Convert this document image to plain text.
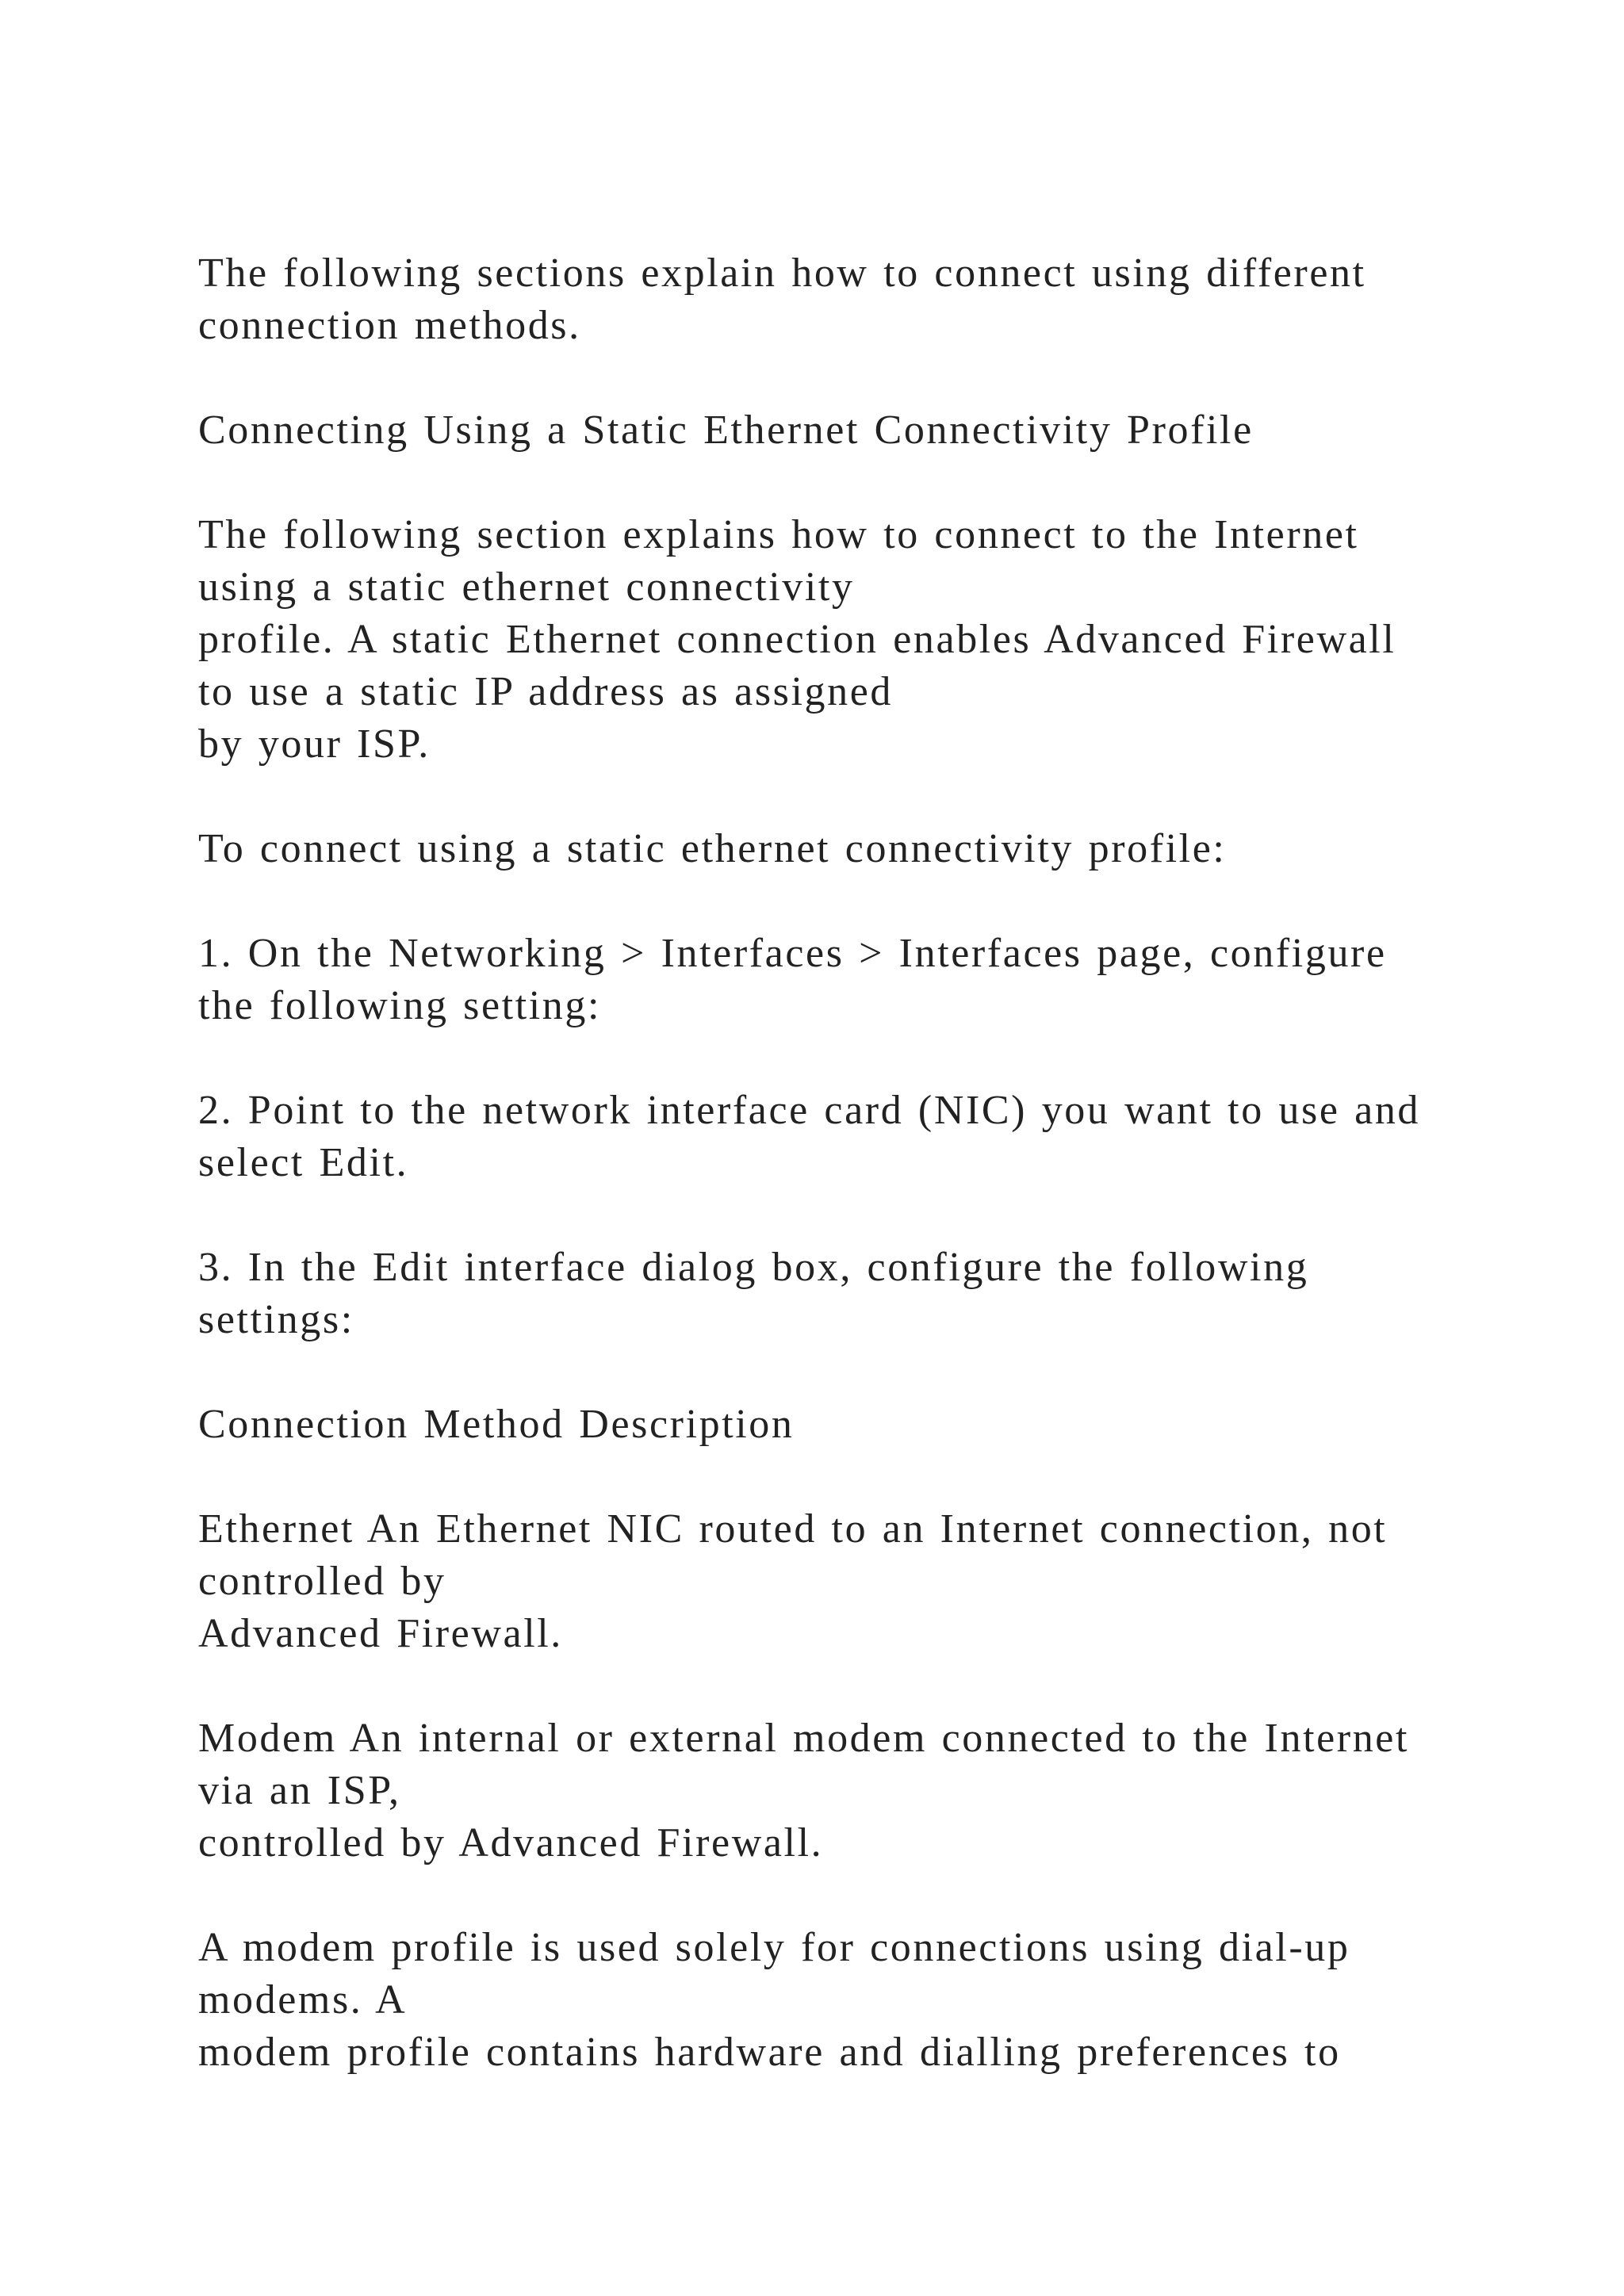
The following sections explain how to connect using different
connection methods.

Connecting Using a Static Ethernet Connectivity Profile

The following section explains how to connect to the Internet
using a static ethernet connectivity
profile. A static Ethernet connection enables Advanced Firewall
to use a static IP address as assigned
by your ISP.

To connect using a static ethernet connectivity profile:

1. On the Networking > Interfaces > Interfaces page, configure
the following setting:

2. Point to the network interface card (NIC) you want to use and
select Edit.

3. In the Edit interface dialog box, configure the following
settings:

Connection Method Description

Ethernet An Ethernet NIC routed to an Internet connection, not
controlled by
Advanced Firewall.

Modem An internal or external modem connected to the Internet
via an ISP,
controlled by Advanced Firewall.

A modem profile is used solely for connections using dial-up
modems. A
modem profile contains hardware and dialling preferences to
